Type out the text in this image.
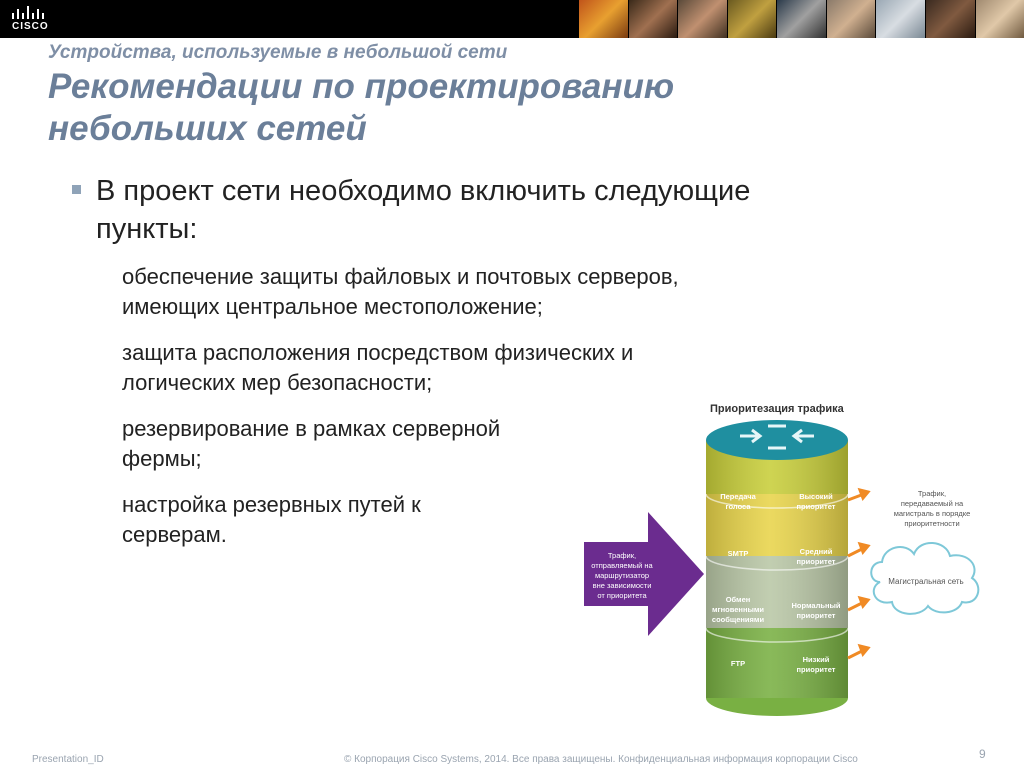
CISCO
Устройства, используемые в небольшой сети
Рекомендации по проектированию
небольших сетей
В проект сети необходимо включить следующие
пункты:
обеспечение защиты файловых и почтовых серверов,
имеющих центральное местоположение;
защита расположения посредством физических и
логических мер безопасности;
резервирование в рамках серверной
фермы;
настройка резервных путей к
серверам.
Приоритезация трафика
Передача
голоса
Высокий
приоритет
SMTP	Средний
приоритет
Обмен
мгновенными
сообщениями
Нормальный
приоритет
FTP	Низкий
приоритет
Трафик,
отправляемый на
маршрутизатор
вне зависимости
от приоритета
Трафик,
передаваемый на
магистраль в порядке
приоритетности
Магистральная сеть
Presentation_ID	© Корпорация Cisco Systems, 2014. Все права защищены. Конфиденциальная информация корпорации Cisco	9
